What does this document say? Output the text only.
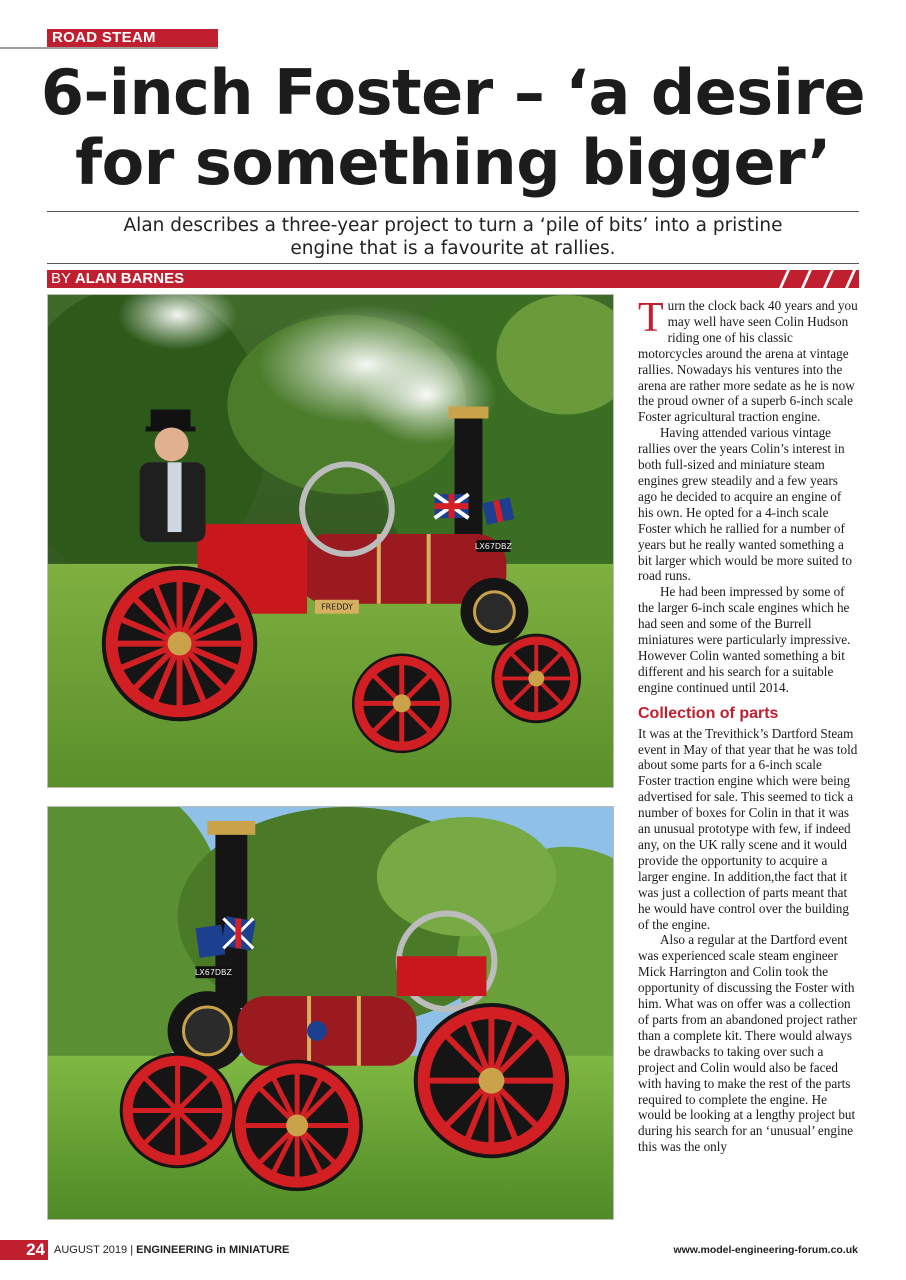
ROAD STEAM
6-inch Foster – ‘a desire
for something bigger’
Alan describes a three-year project to turn a ‘pile of bits’ into a pristine
engine that is a favourite at rallies.
BY ALAN BARNES
LX67DBZ
FREDDY
LX67DBZ

Turn the clock back 40 years and you may well have seen Colin Hudson riding one of his classic motorcycles around the arena at vintage rallies. Nowadays his ventures into the arena are rather more sedate as he is now the proud owner of a superb 6-inch scale Foster agricultural traction engine.

Having attended various vintage rallies over the years Colin’s interest in both full-sized and miniature steam engines grew steadily and a few years ago he decided to acquire an engine of his own. He opted for a 4-inch scale Foster which he rallied for a number of years but he really wanted something a bit larger which would be more suited to road runs.

He had been impressed by some of the larger 6-inch scale engines which he had seen and some of the Burrell miniatures were particularly impressive. However Colin wanted something a bit different and his search for a suitable engine continued until 2014.

Collection of parts

It was at the Trevithick’s Dartford Steam event in May of that year that he was told about some parts for a 6-inch scale Foster traction engine which were being advertised for sale. This seemed to tick a number of boxes for Colin in that it was an unusual prototype with few, if indeed any, on the UK rally scene and it would provide the opportunity to acquire a larger engine. In addition,the fact that it was just a collection of parts meant that he would have control over the building of the engine.

Also a regular at the Dartford event was experienced scale steam engineer Mick Harrington and Colin took the opportunity of discussing the Foster with him. What was on offer was a collection of parts from an abandoned project rather than a complete kit. There would always be drawbacks to taking over such a project and Colin would also be faced with having to make the rest of the parts required to complete the engine. He would be looking at a lengthy project but during his search for an ‘unusual’ engine this was the only

24 AUGUST 2019 | ENGINEERING in MINIATURE	www.model-engineering-forum.co.uk
